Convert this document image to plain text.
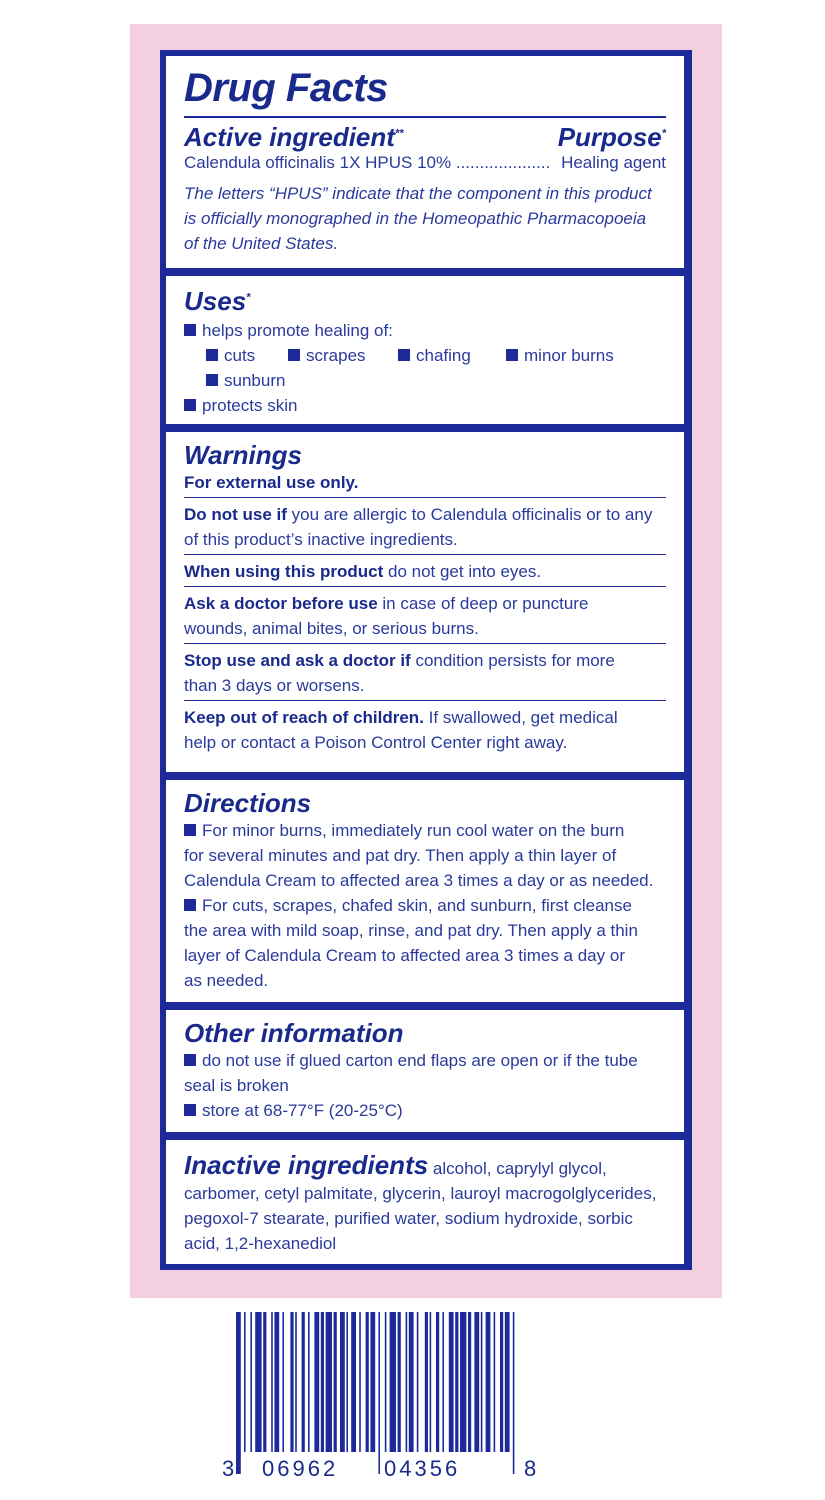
Drug Facts
Active ingredient**	Purpose*
Calendula officinalis 1X HPUS 10% .................... Healing agent
The letters “HPUS” indicate that the component in this product
is officially monographed in the Homeopathic Pharmacopoeia
of the United States.
Uses*
helps promote healing of:
cuts	scrapes	chafing	minor burns
sunburn
protects skin
Warnings
For external use only.
Do not use if you are allergic to Calendula officinalis or to any
of this product’s inactive ingredients.
When using this product do not get into eyes.
Ask a doctor before use in case of deep or puncture
wounds, animal bites, or serious burns.
Stop use and ask a doctor if condition persists for more
than 3 days or worsens.
Keep out of reach of children. If swallowed, get medical
help or contact a Poison Control Center right away.
Directions
For minor burns, immediately run cool water on the burn
for several minutes and pat dry. Then apply a thin layer of
Calendula Cream to affected area 3 times a day or as needed.
For cuts, scrapes, chafed skin, and sunburn, first cleanse
the area with mild soap, rinse, and pat dry. Then apply a thin
layer of Calendula Cream to affected area 3 times a day or
as needed.
Other information
do not use if glued carton end flaps are open or if the tube
seal is broken
store at 68-77°F (20-25°C)
Inactive ingredients alcohol, caprylyl glycol,
carbomer, cetyl palmitate, glycerin, lauroyl macrogolglycerides,
pegoxol-7 stearate, purified water, sodium hydroxide, sorbic
acid, 1,2-hexanediol
3 06962 04356	8
